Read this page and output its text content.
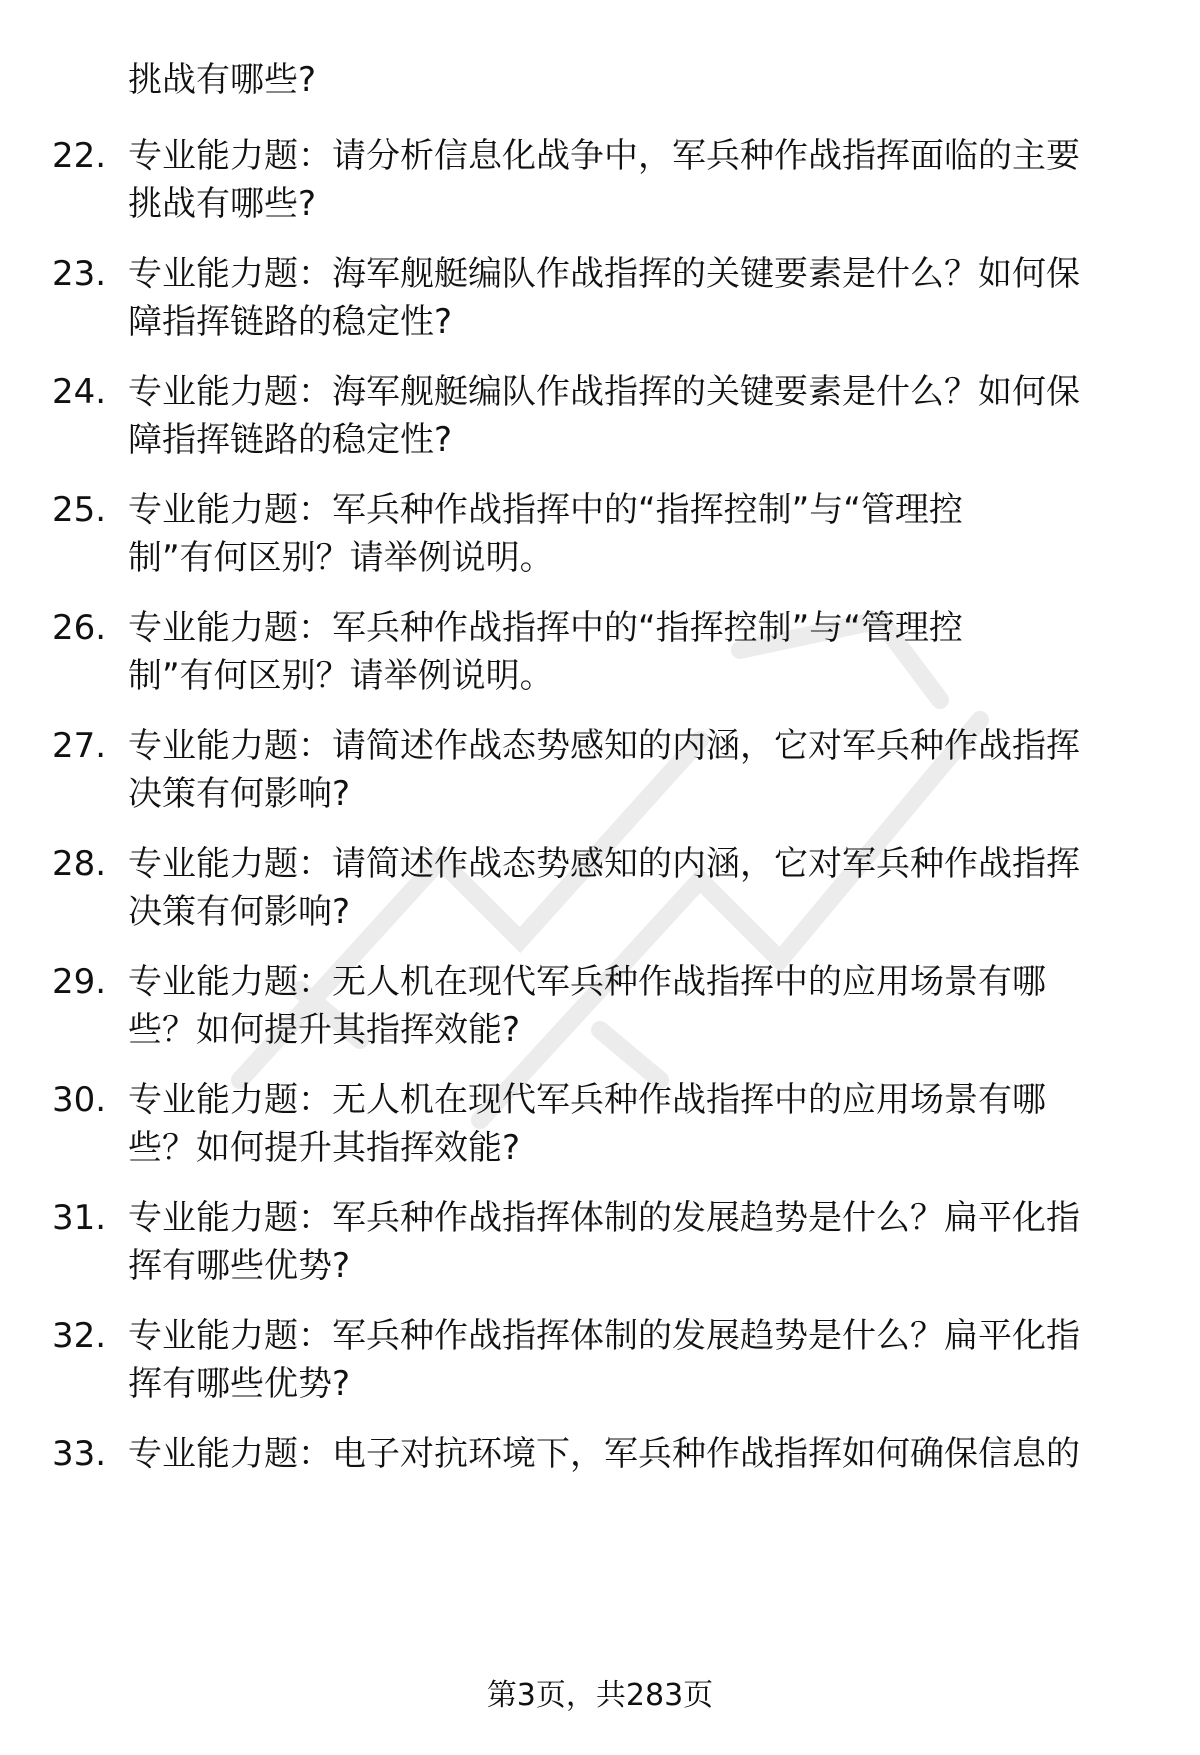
挑战有哪些?
22. 专业能力题：请分析信息化战争中，军兵种作战指挥面临的主要
挑战有哪些?
23. 专业能力题：海军舰艇编队作战指挥的关键要素是什么？如何保
障指挥链路的稳定性?
24. 专业能力题：海军舰艇编队作战指挥的关键要素是什么？如何保
障指挥链路的稳定性?
25. 专业能力题：军兵种作战指挥中的“指挥控制”与“管理控
制”有何区别？请举例说明。
26. 专业能力题：军兵种作战指挥中的“指挥控制”与“管理控
制”有何区别？请举例说明。
27. 专业能力题：请简述作战态势感知的内涵，它对军兵种作战指挥
决策有何影响?
28. 专业能力题：请简述作战态势感知的内涵，它对军兵种作战指挥
决策有何影响?
29. 专业能力题：无人机在现代军兵种作战指挥中的应用场景有哪
些？如何提升其指挥效能?
30. 专业能力题：无人机在现代军兵种作战指挥中的应用场景有哪
些？如何提升其指挥效能?
31. 专业能力题：军兵种作战指挥体制的发展趋势是什么？扁平化指
挥有哪些优势?
32. 专业能力题：军兵种作战指挥体制的发展趋势是什么？扁平化指
挥有哪些优势?
33. 专业能力题：电子对抗环境下，军兵种作战指挥如何确保信息的
第3页，共283页
